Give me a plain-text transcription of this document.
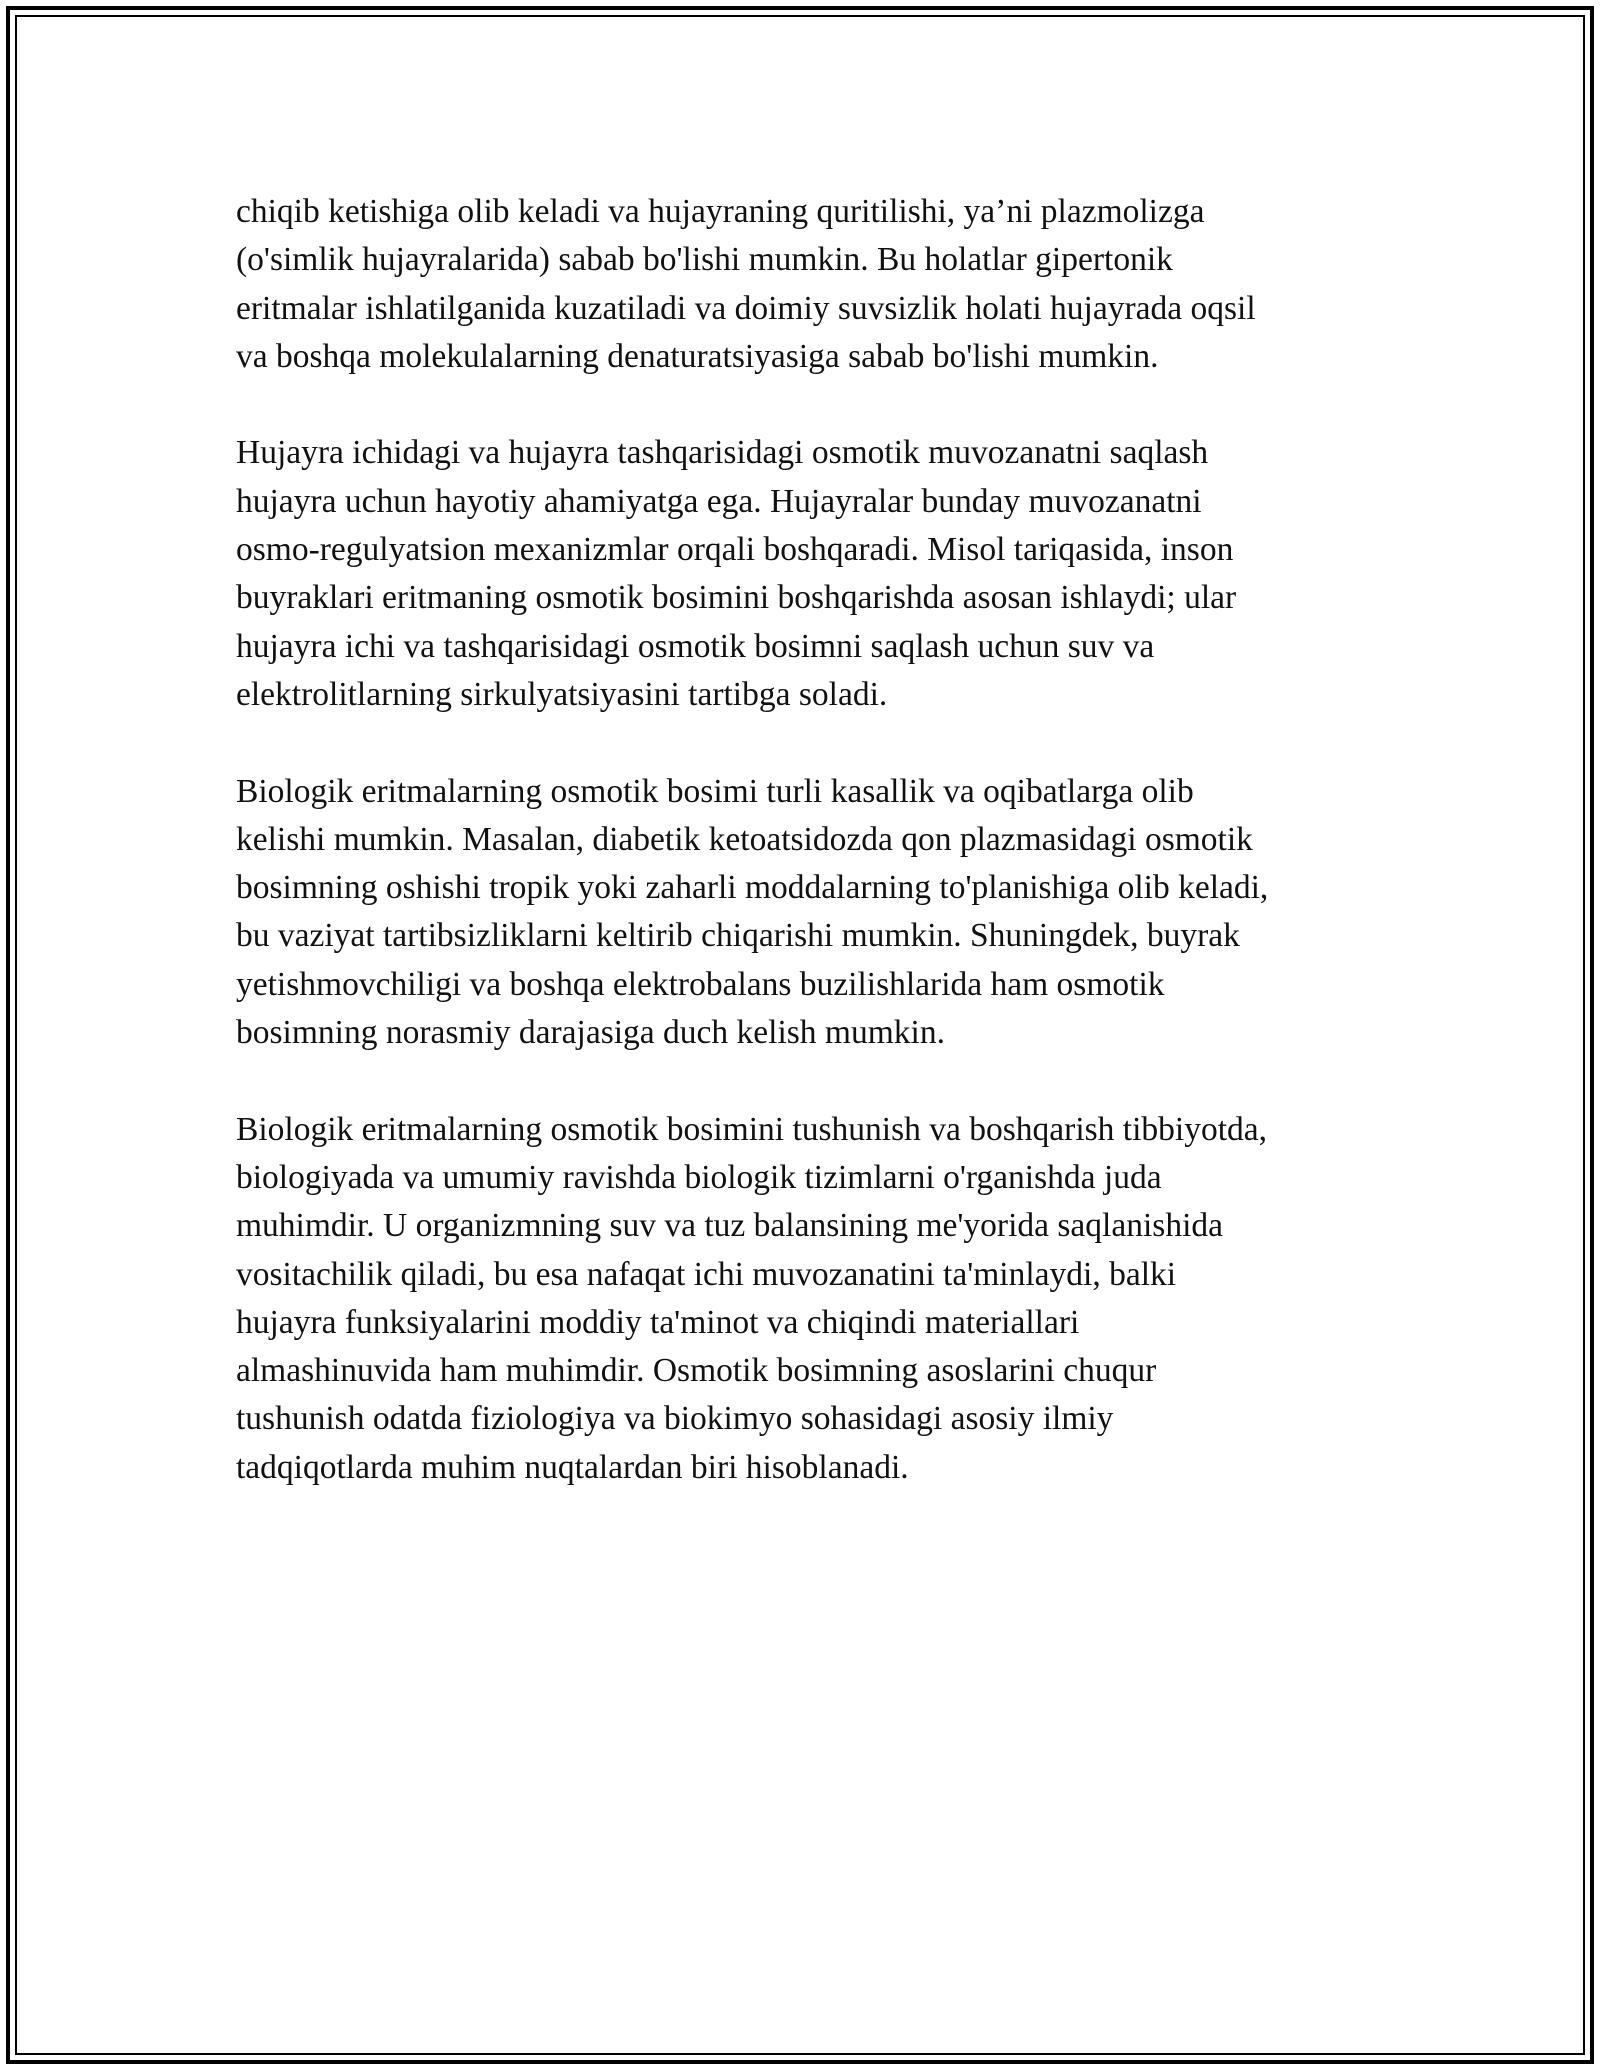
chiqib ketishiga olib keladi va hujayraning quritilishi, ya’ni plazmolizga
(o'simlik hujayralarida) sabab bo'lishi mumkin. Bu holatlar gipertonik
eritmalar ishlatilganida kuzatiladi va doimiy suvsizlik holati hujayrada oqsil
va boshqa molekulalarning denaturatsiyasiga sabab bo'lishi mumkin.

Hujayra ichidagi va hujayra tashqarisidagi osmotik muvozanatni saqlash
hujayra uchun hayotiy ahamiyatga ega. Hujayralar bunday muvozanatni
osmo-regulyatsion mexanizmlar orqali boshqaradi. Misol tariqasida, inson
buyraklari eritmaning osmotik bosimini boshqarishda asosan ishlaydi; ular
hujayra ichi va tashqarisidagi osmotik bosimni saqlash uchun suv va
elektrolitlarning sirkulyatsiyasini tartibga soladi.

Biologik eritmalarning osmotik bosimi turli kasallik va oqibatlarga olib
kelishi mumkin. Masalan, diabetik ketoatsidozda qon plazmasidagi osmotik
bosimning oshishi tropik yoki zaharli moddalarning to'planishiga olib keladi,
bu vaziyat tartibsizliklarni keltirib chiqarishi mumkin. Shuningdek, buyrak
yetishmovchiligi va boshqa elektrobalans buzilishlarida ham osmotik
bosimning norasmiy darajasiga duch kelish mumkin.

Biologik eritmalarning osmotik bosimini tushunish va boshqarish tibbiyotda,
biologiyada va umumiy ravishda biologik tizimlarni o'rganishda juda
muhimdir. U organizmning suv va tuz balansining me'yorida saqlanishida
vositachilik qiladi, bu esa nafaqat ichi muvozanatini ta'minlaydi, balki
hujayra funksiyalarini moddiy ta'minot va chiqindi materiallari
almashinuvida ham muhimdir. Osmotik bosimning asoslarini chuqur
tushunish odatda fiziologiya va biokimyo sohasidagi asosiy ilmiy
tadqiqotlarda muhim nuqtalardan biri hisoblanadi.
